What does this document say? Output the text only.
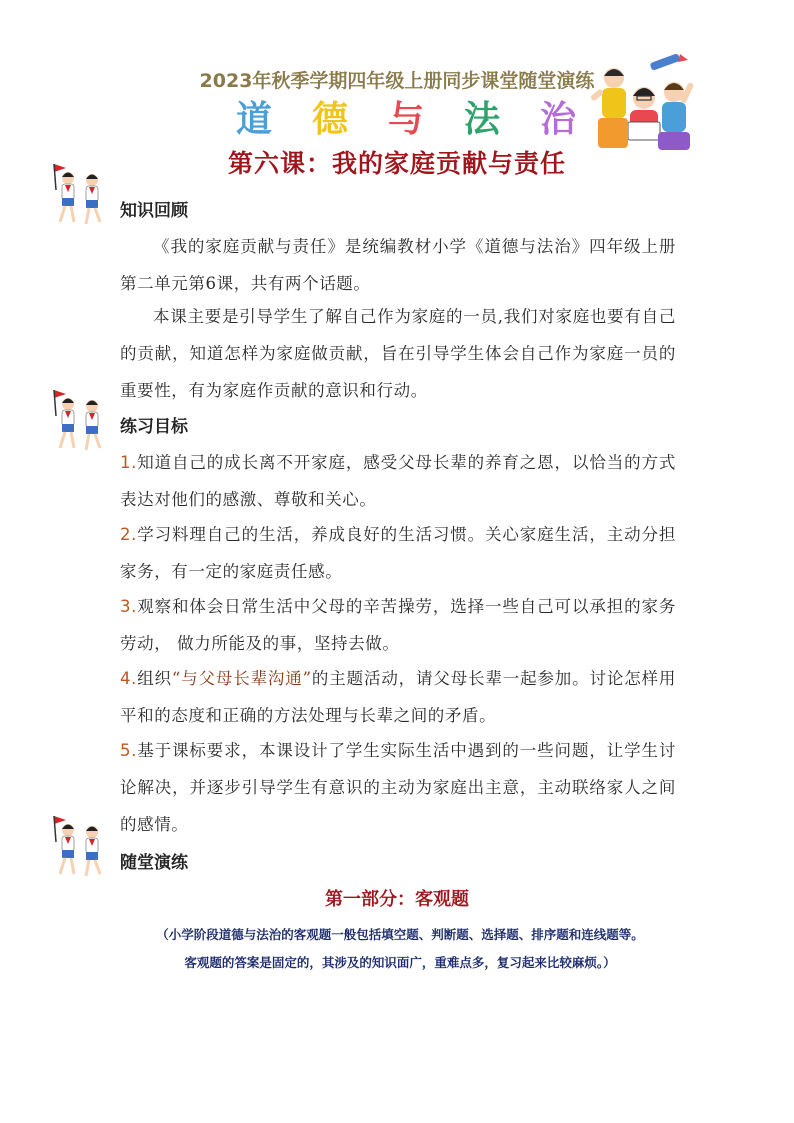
2023年秋季学期四年级上册同步课堂随堂演练
道 德 与 法 治
第六课：我的家庭贡献与责任
知识回顾
《我的家庭贡献与责任》是统编教材小学《道德与法治》四年级上册第二单元第6课，共有两个话题。
本课主要是引导学生了解自己作为家庭的一员,我们对家庭也要有自己的贡献，知道怎样为家庭做贡献，旨在引导学生体会自己作为家庭一员的重要性，有为家庭作贡献的意识和行动。
练习目标
1.知道自己的成长离不开家庭，感受父母长辈的养育之恩，以恰当的方式表达对他们的感激、尊敬和关心。
2.学习料理自己的生活，养成良好的生活习惯。关心家庭生活，主动分担家务，有一定的家庭责任感。
3.观察和体会日常生活中父母的辛苦操劳，选择一些自己可以承担的家务劳动， 做力所能及的事，坚持去做。
4.组织“与父母长辈沟通”的主题活动，请父母长辈一起参加。讨论怎样用平和的态度和正确的方法处理与长辈之间的矛盾。
5.基于课标要求，本课设计了学生实际生活中遇到的一些问题，让学生讨论解决，并逐步引导学生有意识的主动为家庭出主意，主动联络家人之间的感情。
随堂演练
第一部分：客观题
（小学阶段道德与法治的客观题一般包括填空题、判断题、选择题、排序题和连线题等。
客观题的答案是固定的，其涉及的知识面广，重难点多，复习起来比较麻烦。）
